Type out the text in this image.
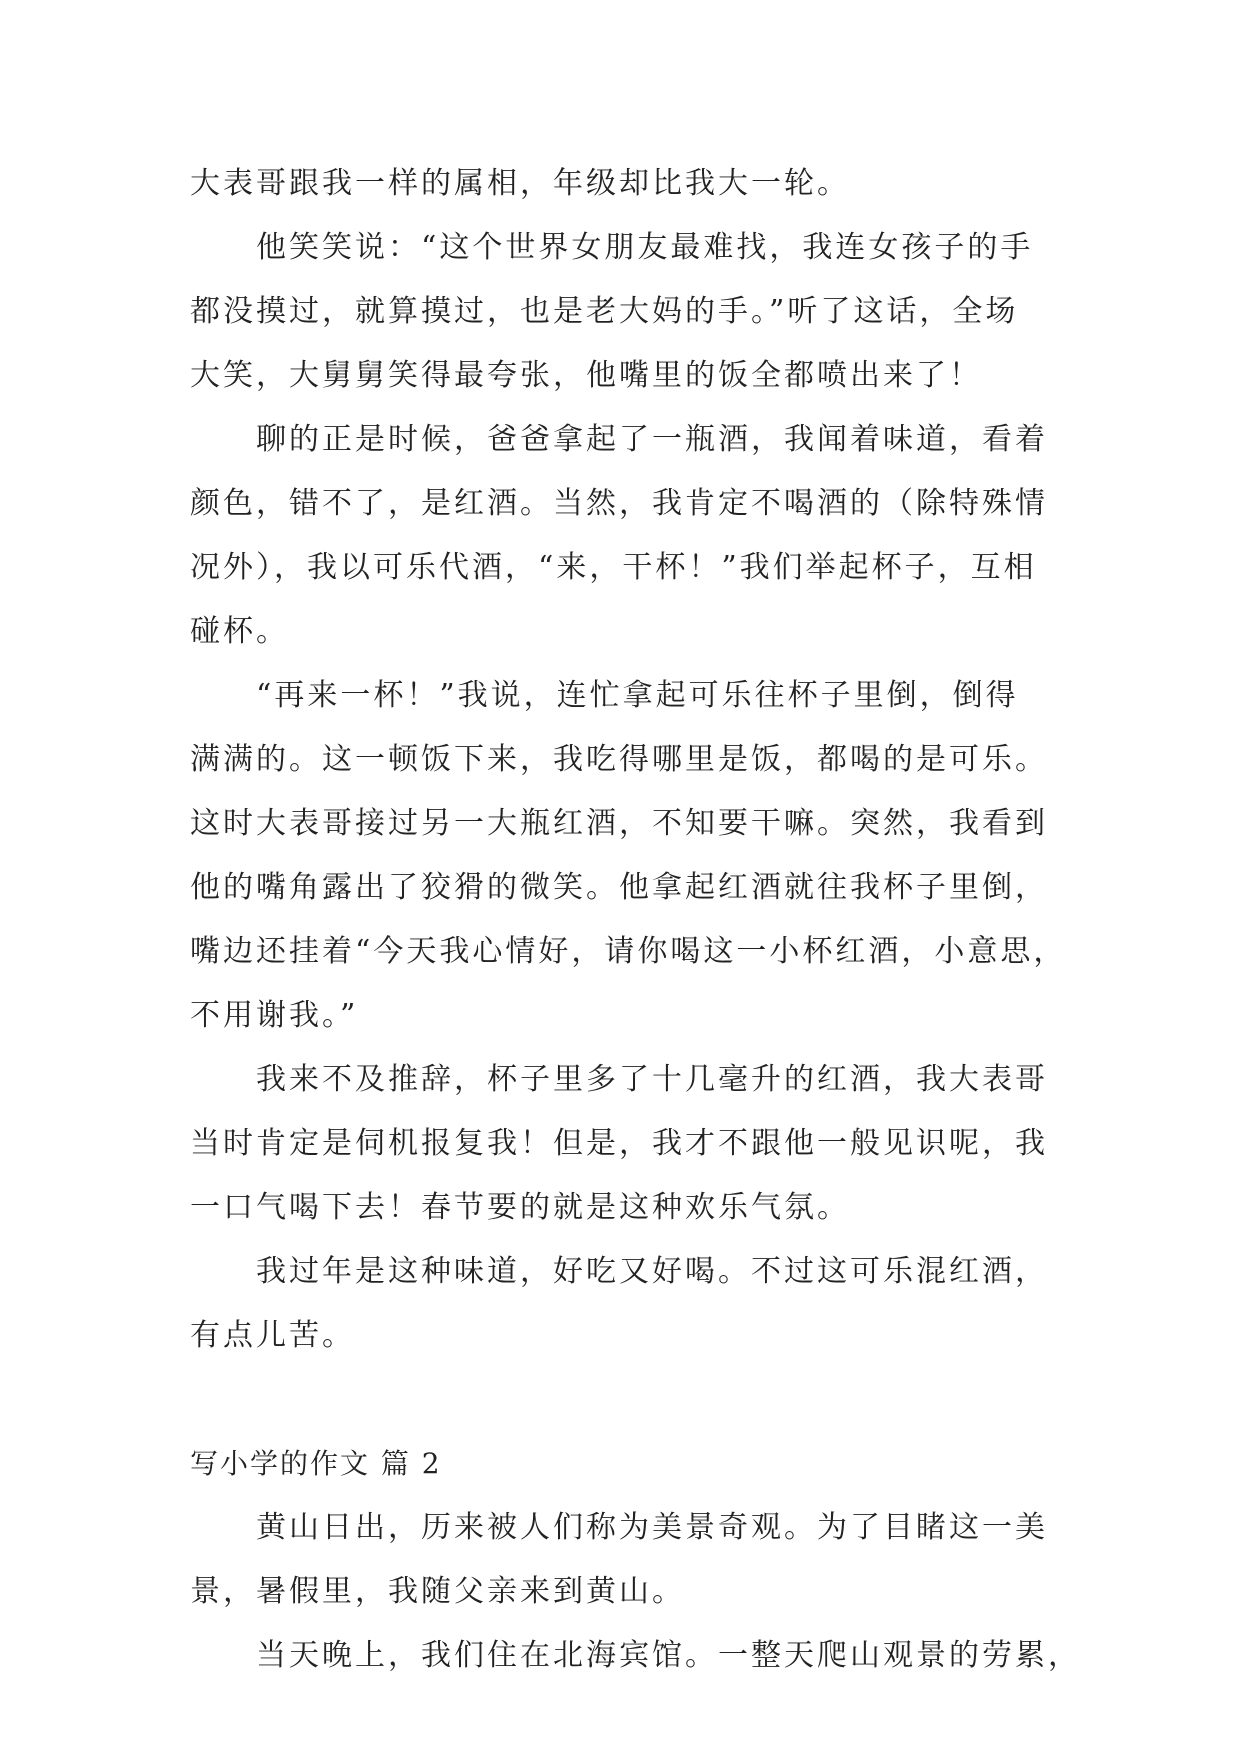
大表哥跟我一样的属相，年级却比我大一轮。
他笑笑说：“这个世界女朋友最难找，我连女孩子的手
都没摸过，就算摸过，也是老大妈的手。”听了这话，全场
大笑，大舅舅笑得最夸张，他嘴里的饭全都喷出来了！
聊的正是时候，爸爸拿起了一瓶酒，我闻着味道，看着
颜色，错不了，是红酒。当然，我肯定不喝酒的（除特殊情
况外），我以可乐代酒，“来，干杯！”我们举起杯子，互相
碰杯。
“再来一杯！”我说，连忙拿起可乐往杯子里倒，倒得
满满的。这一顿饭下来，我吃得哪里是饭，都喝的是可乐。
这时大表哥接过另一大瓶红酒，不知要干嘛。突然，我看到
他的嘴角露出了狡猾的微笑。他拿起红酒就往我杯子里倒，
嘴边还挂着“今天我心情好，请你喝这一小杯红酒，小意思，
不用谢我。”
我来不及推辞，杯子里多了十几毫升的红酒，我大表哥
当时肯定是伺机报复我！但是，我才不跟他一般见识呢，我
一口气喝下去！春节要的就是这种欢乐气氛。
我过年是这种味道，好吃又好喝。不过这可乐混红酒，
有点儿苦。
写小学的作文 篇 2
黄山日出，历来被人们称为美景奇观。为了目睹这一美
景，暑假里，我随父亲来到黄山。
当天晚上，我们住在北海宾馆。一整天爬山观景的劳累，
